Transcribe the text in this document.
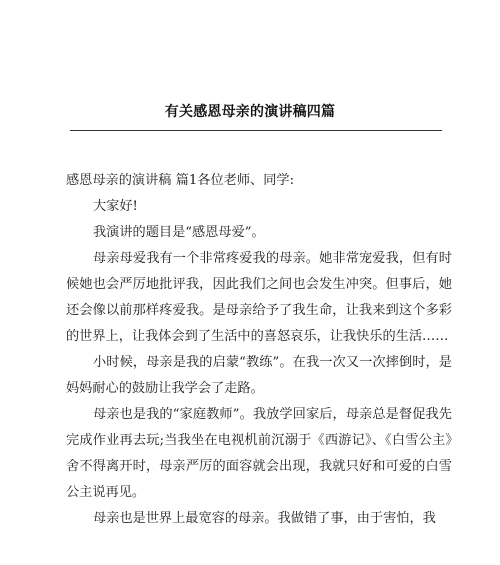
有关感恩母亲的演讲稿四篇

感恩母亲的演讲稿 篇1各位老师、同学:

大家好!

我演讲的题目是“感恩母爱”。

母亲母爱我有一个非常疼爱我的母亲。她非常宠爱我，但有时候她也会严厉地批评我，因此我们之间也会发生冲突。但事后，她还会像以前那样疼爱我。是母亲给予了我生命，让我来到这个多彩的世界上，让我体会到了生活中的喜怒哀乐，让我快乐的生活……

小时候，母亲是我的启蒙“教练”。在我一次又一次摔倒时，是妈妈耐心的鼓励让我学会了走路。

母亲也是我的“家庭教师”。我放学回家后，母亲总是督促我先完成作业再去玩;当我坐在电视机前沉溺于《西游记》、《白雪公主》舍不得离开时，母亲严厉的面容就会出现，我就只好和可爱的白雪公主说再见。

母亲也是世界上最宽容的母亲。我做错了事，由于害怕，我
